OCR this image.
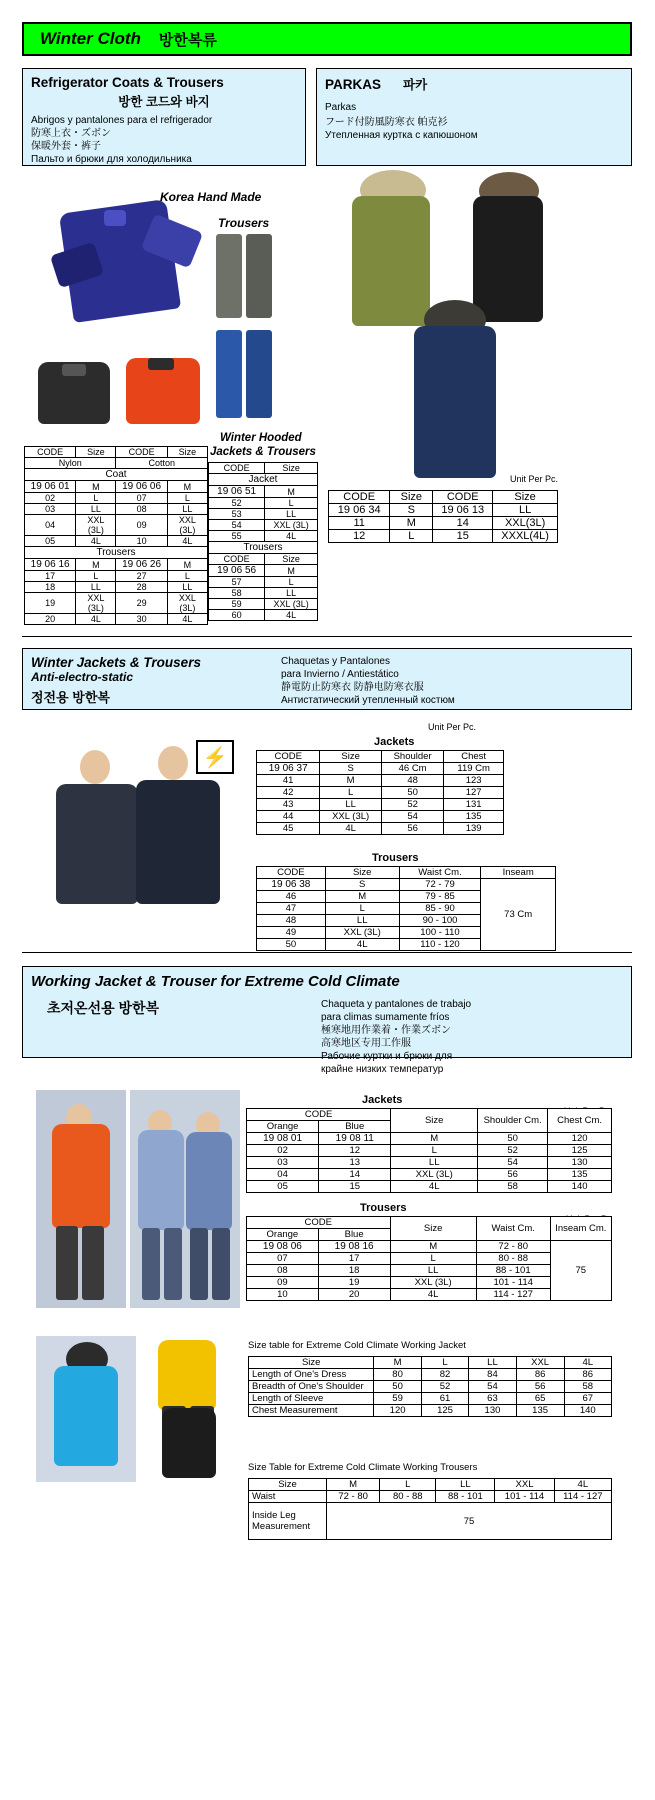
Winter Cloth 방한복류
Refrigerator Coats & Trousers
방한 코드와 바지
Abrigos y pantalones para el refrigerador
防寒上衣・ズボン
保暖外套・裤子
Пальто и брюки для холодильника
PARKAS 파카
Parkas
フード付防風防寒衣 帕克衫
Утепленная куртка с капюшоном
Korea Hand Made
Trousers
Winter Hooded
Jackets & Trousers
CODE	Size	CODE	Size
Nylon		Cotton	
Coat			
19 06 01	M	19 06 06	M
02	L	07	L
03	LL	08	LL
04	XXL (3L)	09	XXL (3L)
05	4L	10	4L
Trousers			
19 06 16	M	19 06 26	M
17	L	27	L
18	LL	28	LL
19	XXL (3L)	29	XXL (3L)
20	4L	30	4L
CODE	Size
Jacket	
19 06 51	M
52	L
53	LL
54	XXL (3L)
55	4L
Trousers	
CODE	Size
19 06 56	M
57	L
58	LL
59	XXL (3L)
60	4L
Unit Per Pc.
CODE	Size	CODE	Size
19 06 34	S	19 06 13	LL
11	M	14	XXL(3L)
12	L	15	XXXL(4L)
Winter Jackets & Trousers
Anti-electro-static
정전용 방한복
Chaquetas y Pantalones
para Invierno / Antiestático
静電防止防寒衣 防静电防寒衣服
Антистатический утепленный костюм
⚡
Unit Per Pc.
Jackets
CODE	Size	Shoulder	Chest
19 06 37	S	46 Cm	119 Cm
41	M	48	123
42	L	50	127
43	LL	52	131
44	XXL (3L)	54	135
45	4L	56	139
Trousers
CODE	Size	Waist Cm.	Inseam
19 06 38	S	72 - 79	73 Cm
46	M	79 - 85	
47	L	85 - 90	
48	LL	90 - 100	
49	XXL (3L)	100 - 110	
50	4L	110 - 120	
Working Jacket & Trouser for Extreme Cold Climate
초저온선용 방한복	Chaqueta y pantalones de trabajo
para climas sumamente fríos
極寒地用作業着・作業ズボン
高寒地区专用工作服
Рабочие куртки и брюки для
крайне низких температур
Jackets
CODE		Size	Shoulder Cm.	Chest Cm.
Orange	Blue			
19 08 01	19 08 11	M	50	120
02	12	L	52	125
03	13	LL	54	130
04	14	XXL (3L)	56	135
05	15	4L	58	140
Trousers
CODE		Size	Waist Cm.	Inseam Cm.
Orange	Blue			
19 08 06	19 08 16	M	72 - 80	75
07	17	L	80 - 88	
08	18	LL	88 - 101	
09	19	XXL (3L)	101 - 114	
10	20	4L	114 - 127	
Size table for Extreme Cold Climate Working Jacket
Size	M	L	LL	XXL	4L
Length of One's Dress	80	82	84	86	86
Breadth of One's Shoulder	50	52	54	56	58
Length of Sleeve	59	61	63	65	67
Chest Measurement	120	125	130	135	140
Size Table for Extreme Cold Climate Working Trousers
Size	M	L	LL	XXL	4L
Waist	72 - 80	80 - 88	88 - 101	101 - 114	114 - 127
Inside Leg Measurement	75				
